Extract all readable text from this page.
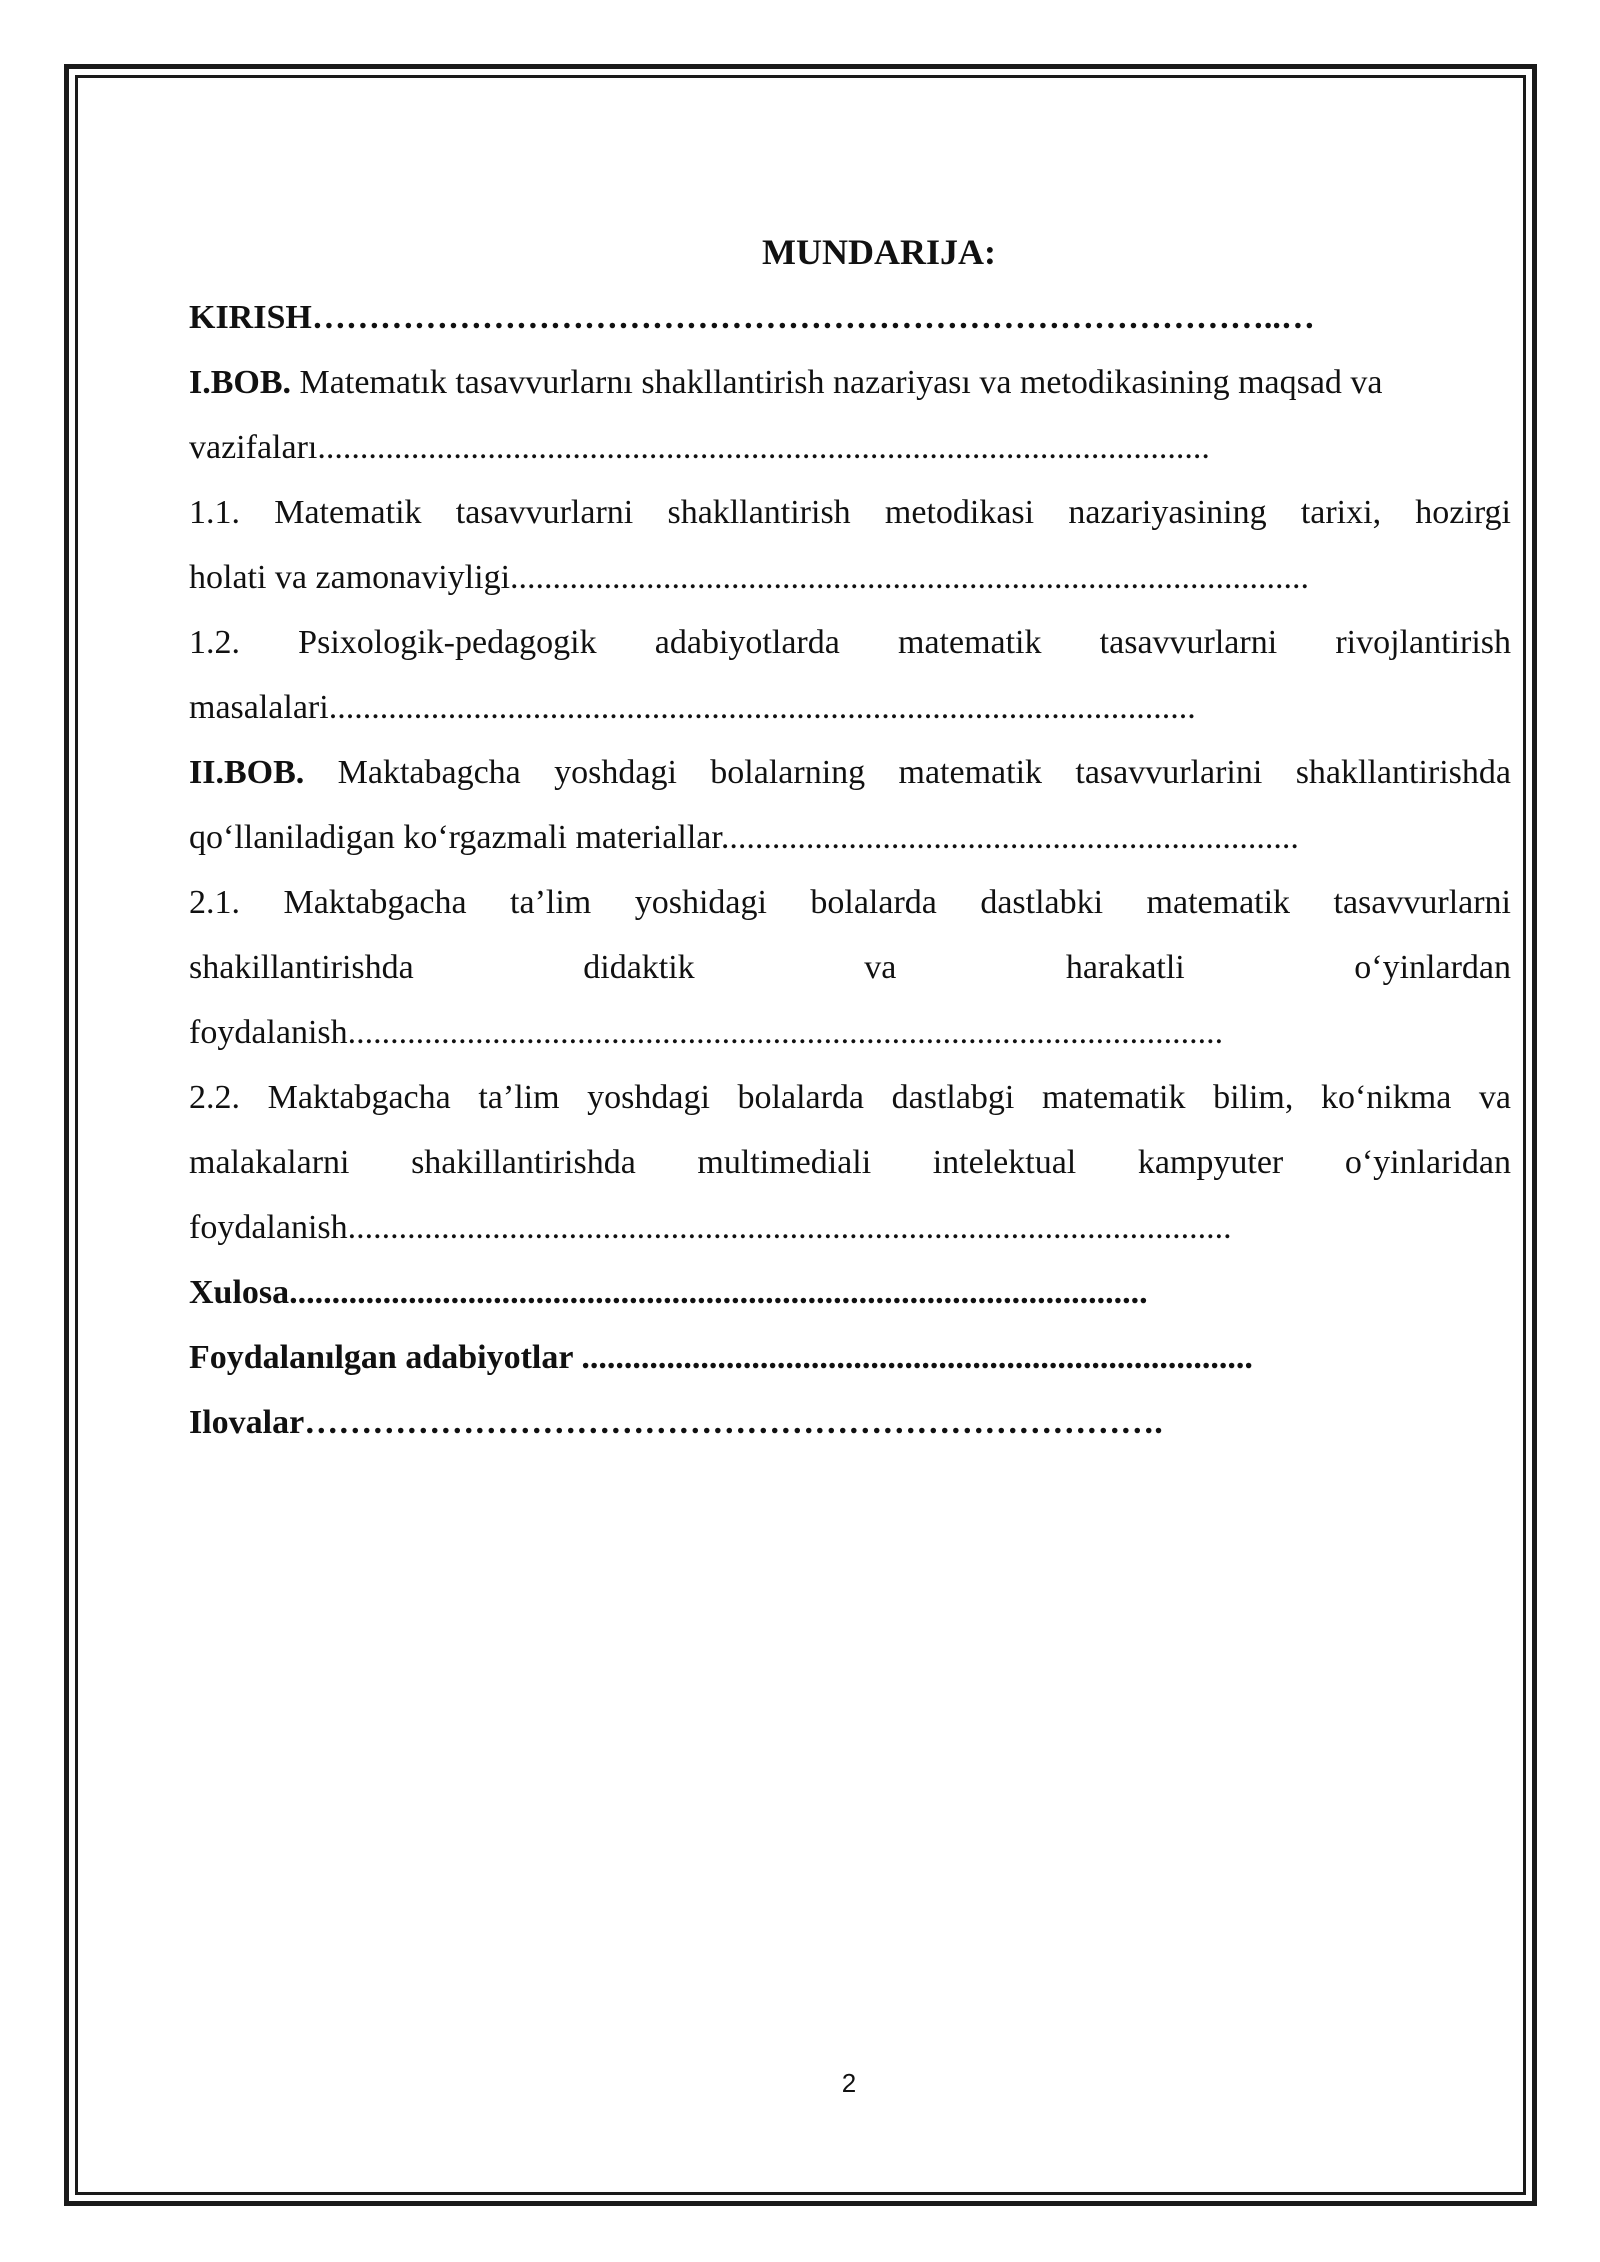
MUNDARIJA:
KIRISH…………………………………………………………………………..…
I.BOB. Matematık tasavvurlarnı shakllantirish nazariyası va metodikasining maqsad va
vazifaları.........................................................................................................
1.1. Matematik tasavvurlarni shakllantirish metodikasi nazariyasining tarixi, hozirgi
holati va zamonaviyligi..............................................................................................
1.2. Psixologik-pedagogik adabiyotlarda matematik tasavvurlarni rivojlantirish
masalalari......................................................................................................
II.BOB. Maktabagcha yoshdagi bolalarning matematik tasavvurlarini shakllantirishda
qo‘llaniladigan ko‘rgazmali materiallar....................................................................
2.1. Maktabgacha ta’lim yoshidagi bolalarda dastlabki matematik tasavvurlarni
shakillantirishda didaktik va harakatli o‘yinlardan
foydalanish.......................................................................................................
2.2. Maktabgacha ta’lim yoshdagi bolalarda dastlabgi matematik bilim, ko‘nikma va
malakalarni shakillantirishda multimediali intelektual kampyuter o‘yinlaridan
foydalanish........................................................................................................
Xulosa.....................................................................................................
Foydalanılgan adabiyotlar ...............................................................................
Ilovalar………………………………………………………………….
2
